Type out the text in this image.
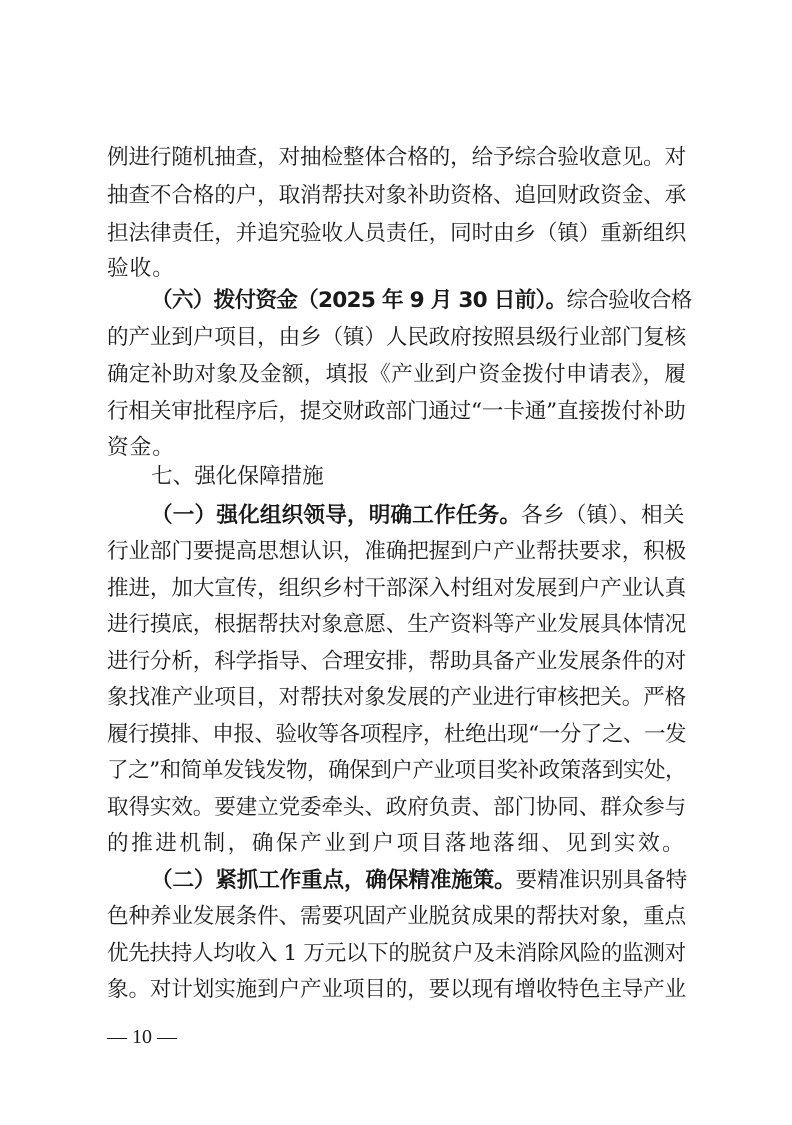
例进行随机抽查，对抽检整体合格的，给予综合验收意见。对
抽查不合格的户，取消帮扶对象补助资格、追回财政资金、承
担法律责任，并追究验收人员责任，同时由乡（镇）重新组织
验收。
（六）拨付资金（2025 年 9 月 30 日前）。综合验收合格
的产业到户项目，由乡（镇）人民政府按照县级行业部门复核
确定补助对象及金额，填报《产业到户资金拨付申请表》，履
行相关审批程序后，提交财政部门通过“一卡通”直接拨付补助
资金。
七、强化保障措施
（一）强化组织领导，明确工作任务。各乡（镇）、相关
行业部门要提高思想认识，准确把握到户产业帮扶要求，积极
推进，加大宣传，组织乡村干部深入村组对发展到户产业认真
进行摸底，根据帮扶对象意愿、生产资料等产业发展具体情况
进行分析，科学指导、合理安排，帮助具备产业发展条件的对
象找准产业项目，对帮扶对象发展的产业进行审核把关。严格
履行摸排、申报、验收等各项程序，杜绝出现“一分了之、一发
了之”和简单发钱发物，确保到户产业项目奖补政策落到实处，
取得实效。要建立党委牵头、政府负责、部门协同、群众参与
的推进机制，确保产业到户项目落地落细、见到实效。
（二）紧抓工作重点，确保精准施策。要精准识别具备特
色种养业发展条件、需要巩固产业脱贫成果的帮扶对象，重点
优先扶持人均收入 1 万元以下的脱贫户及未消除风险的监测对
象。对计划实施到户产业项目的，要以现有增收特色主导产业
— 10 —
